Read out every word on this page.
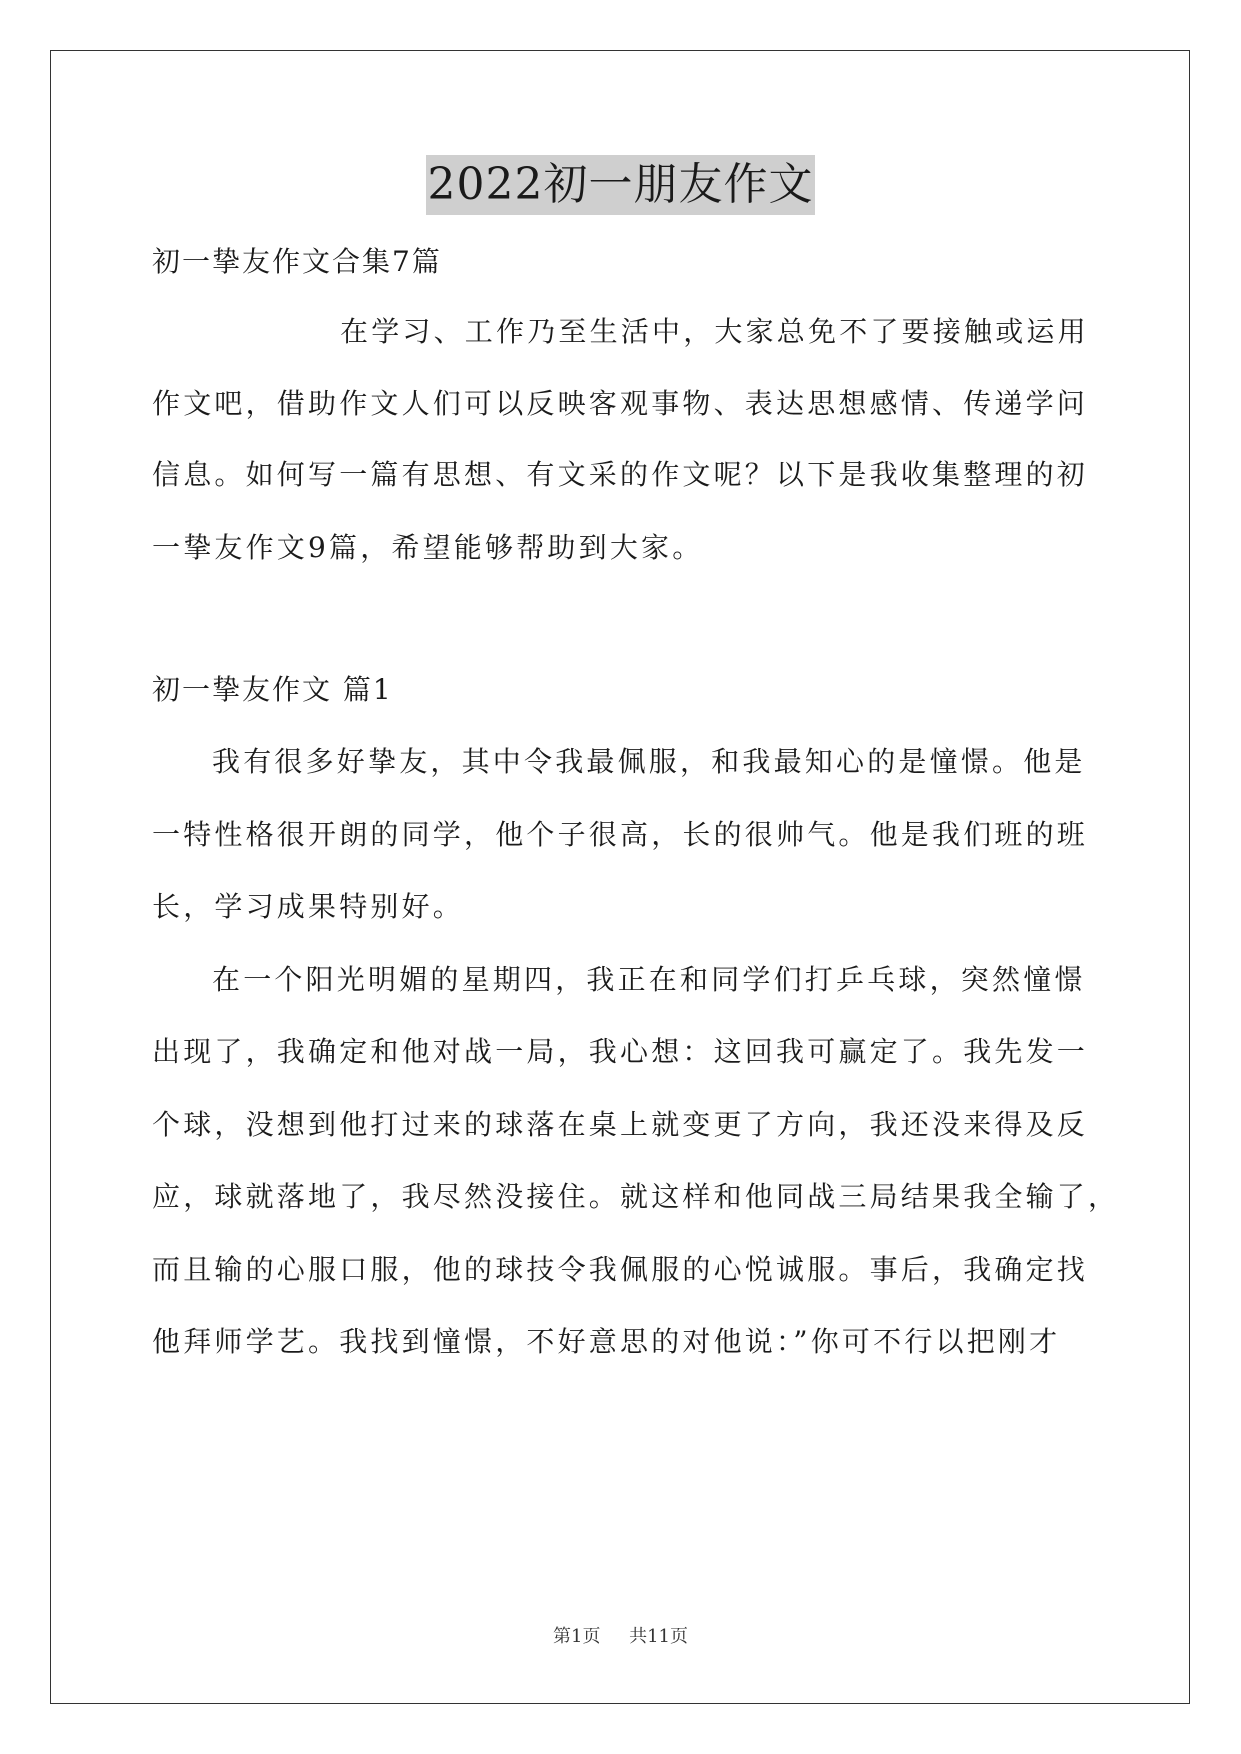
2022初一朋友作文
初一挚友作文合集7篇
在学习、工作乃至生活中，大家总免不了要接触或运用
作文吧，借助作文人们可以反映客观事物、表达思想感情、传递学问
信息。如何写一篇有思想、有文采的作文呢？以下是我收集整理的初
一挚友作文9篇，希望能够帮助到大家。
初一挚友作文 篇1
我有很多好挚友，其中令我最佩服，和我最知心的是憧憬。他是
一特性格很开朗的同学，他个子很高，长的很帅气。他是我们班的班
长，学习成果特别好。
在一个阳光明媚的星期四，我正在和同学们打乒乓球，突然憧憬
出现了，我确定和他对战一局，我心想：这回我可赢定了。我先发一
个球，没想到他打过来的球落在桌上就变更了方向，我还没来得及反
应，球就落地了，我尽然没接住。就这样和他同战三局结果我全输了，
而且输的心服口服，他的球技令我佩服的心悦诚服。事后，我确定找
他拜师学艺。我找到憧憬，不好意思的对他说：”你可不行以把刚才
第1页 共11页
